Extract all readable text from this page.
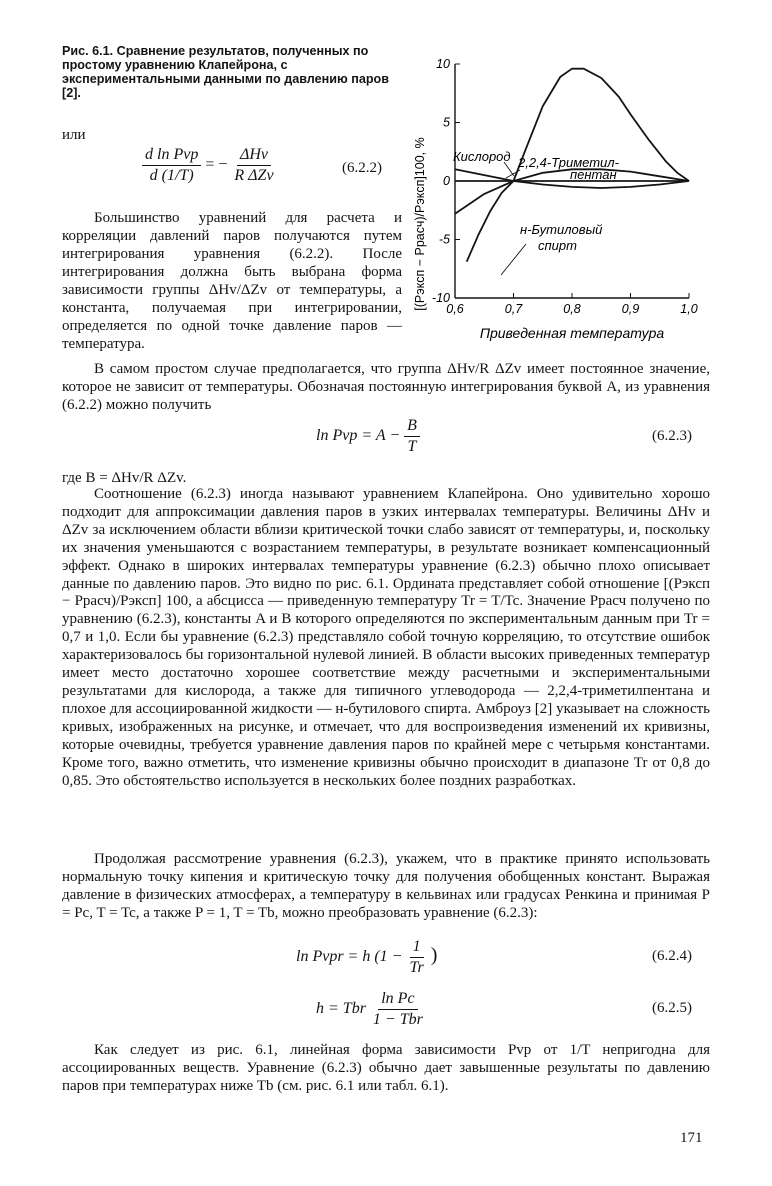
Рис. 6.1. Сравнение результатов, полученных по простому уравнению Клапейрона, с экспериментальными данными по давлению паров [2].
0,6	0,7	0,8	0,9	1,0
10
5
0
-5
-10
[(Pэксп − Pрасч)/Pэксп]100, %
Приведенная температура
Кислород 2,2,4-Триметил-
пентан
н-Бутиловый
спирт
или
$\frac{\text{d ln Pvp}}{d (1/T)}$ = − $\frac{\text{ΔHv}}{\text{R ΔZv}}$	(6.2.2)
Большинство уравнений для расчета и корреляции давлений паров получаются путем интегрирования уравнения (6.2.2). После интегрирования должна быть выбрана форма зависимости группы ΔHv/ΔZv от температуры, а константа, получаемая при интегрировании, определяется по одной точке давление паров — температура.
В самом простом случае предполагается, что группа ΔHv/R ΔZv имеет постоянное значение, которое не зависит от температуры. Обозначая постоянную интегрирования буквой A, из уравнения (6.2.2) можно получить
ln Pvp = $A - \frac{B}{T}$	(6.2.3)
где B = ΔHv/R ΔZv.
Соотношение (6.2.3) иногда называют уравнением Клапейрона. Оно удивительно хорошо подходит для аппроксимации давления паров в узких интервалах температуры. Величины ΔHv и ΔZv за исключением области вблизи критической точки слабо зависят от температуры, и, поскольку их значения уменьшаются с возрастанием температуры, в результате возникает компенсационный эффект. Однако в широких интервалах температуры уравнение (6.2.3) обычно плохо описывает данные по давлению паров. Это видно по рис. 6.1. Ордината представляет собой отношение [(Pэксп − Pрасч)/Pэксп] 100, а абсцисса — приведенную температуру Tr = T/Tc. Значение Pрасч получено по уравнению (6.2.3), константы A и B которого определяются по экспериментальным данным при Tr = 0,7 и 1,0. Если бы уравнение (6.2.3) представляло собой точную корреляцию, то отсутствие ошибок характеризовалось бы горизонтальной нулевой линией. В области высоких приведенных температур имеет место достаточно хорошее соответствие между расчетными и экспериментальными результатами для кислорода, а также для типичного углеводорода — 2,2,4-триметилпентана и плохое для ассоциированной жидкости — н-бутилового спирта. Амброуз [2] указывает на сложность кривых, изображенных на рисунке, и отмечает, что для воспроизведения изменений их кривизны, которые очевидны, требуется уравнение давления паров по крайней мере с четырьмя константами. Кроме того, важно отметить, что изменение кривизны обычно происходит в диапазоне Tr от 0,8 до 0,85. Это обстоятельство используется в нескольких более поздних разработках.
Продолжая рассмотрение уравнения (6.2.3), укажем, что в практике принято использовать нормальную точку кипения и критическую точку для получения обобщенных констант. Выражая давление в физических атмосферах, а температуру в кельвинах или градусах Ренкина и принимая P = Pc, T = Tc, а также P = 1, T = Tb, можно преобразовать уравнение (6.2.3):
ln Pvpr = h ($1 - \frac{1}{Tr}$ )	(6.2.4)
h = Tbr $\frac{\text{ln Pc}}{\text{1 − Tbr}}$	(6.2.5)
Как следует из рис. 6.1, линейная форма зависимости Pvp от 1/T непригодна для ассоциированных веществ. Уравнение (6.2.3) обычно дает завышенные результаты по давлению паров при температурах ниже Tb (см. рис. 6.1 или табл. 6.1).
171
